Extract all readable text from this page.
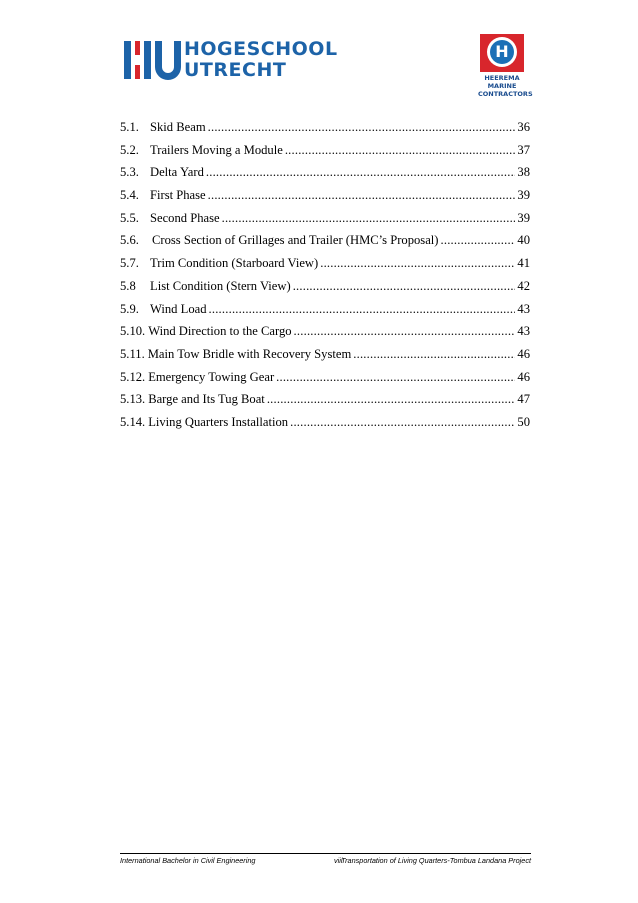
HOGESCHOOL
UTRECHT
H
HEEREMA
MARINE
CONTRACTORS
5.1. Skid Beam .....	36
5.2. Trailers Moving a Module .....	37
5.3. Delta Yard .....	38
5.4. First Phase .....	39
5.5. Second Phase .....	39
5.6.	Cross Section of Grillages and Trailer (HMC’s Proposal) .....	40
5.7. Trim Condition (Starboard View) .....	41
5.8	List Condition (Stern View) .....	42
5.9. Wind Load .....	43
5.10. Wind Direction to the Cargo .....	43
5.11. Main Tow Bridle with Recovery System .....	46
5.12. Emergency Towing Gear .....	46
5.13. Barge and Its Tug Boat .....	47
5.14. Living Quarters Installation .....	50
International Bachelor in Civil Engineering	viii
Transportation of Living Quarters-Tombua Landana Project
